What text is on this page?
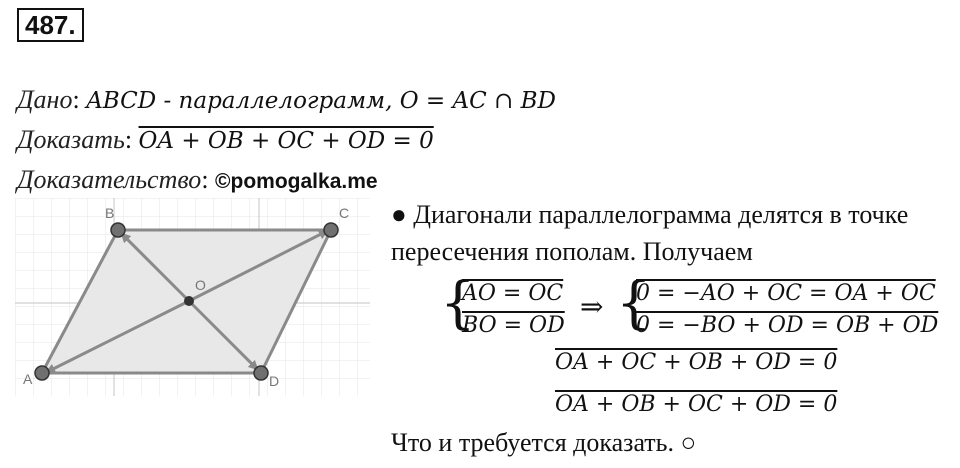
487.
Дано: ABCD - параллелограмм, O = AC ∩ BD
Доказать: OA + OB + OC + OD = 0
Доказательство: ©pomogalka.me
A
B	C
D
O
● Диагонали параллелограмма делятся в точке
пересечения пополам. Получаем
{
AO = OC
BO = OD
⇒ {
0 = −AO + OC = OA + OC
0 = −BO + OD = OB + OD
OA + OC + OB + OD = 0
OA + OB + OC + OD = 0
Что и требуется доказать. ○
